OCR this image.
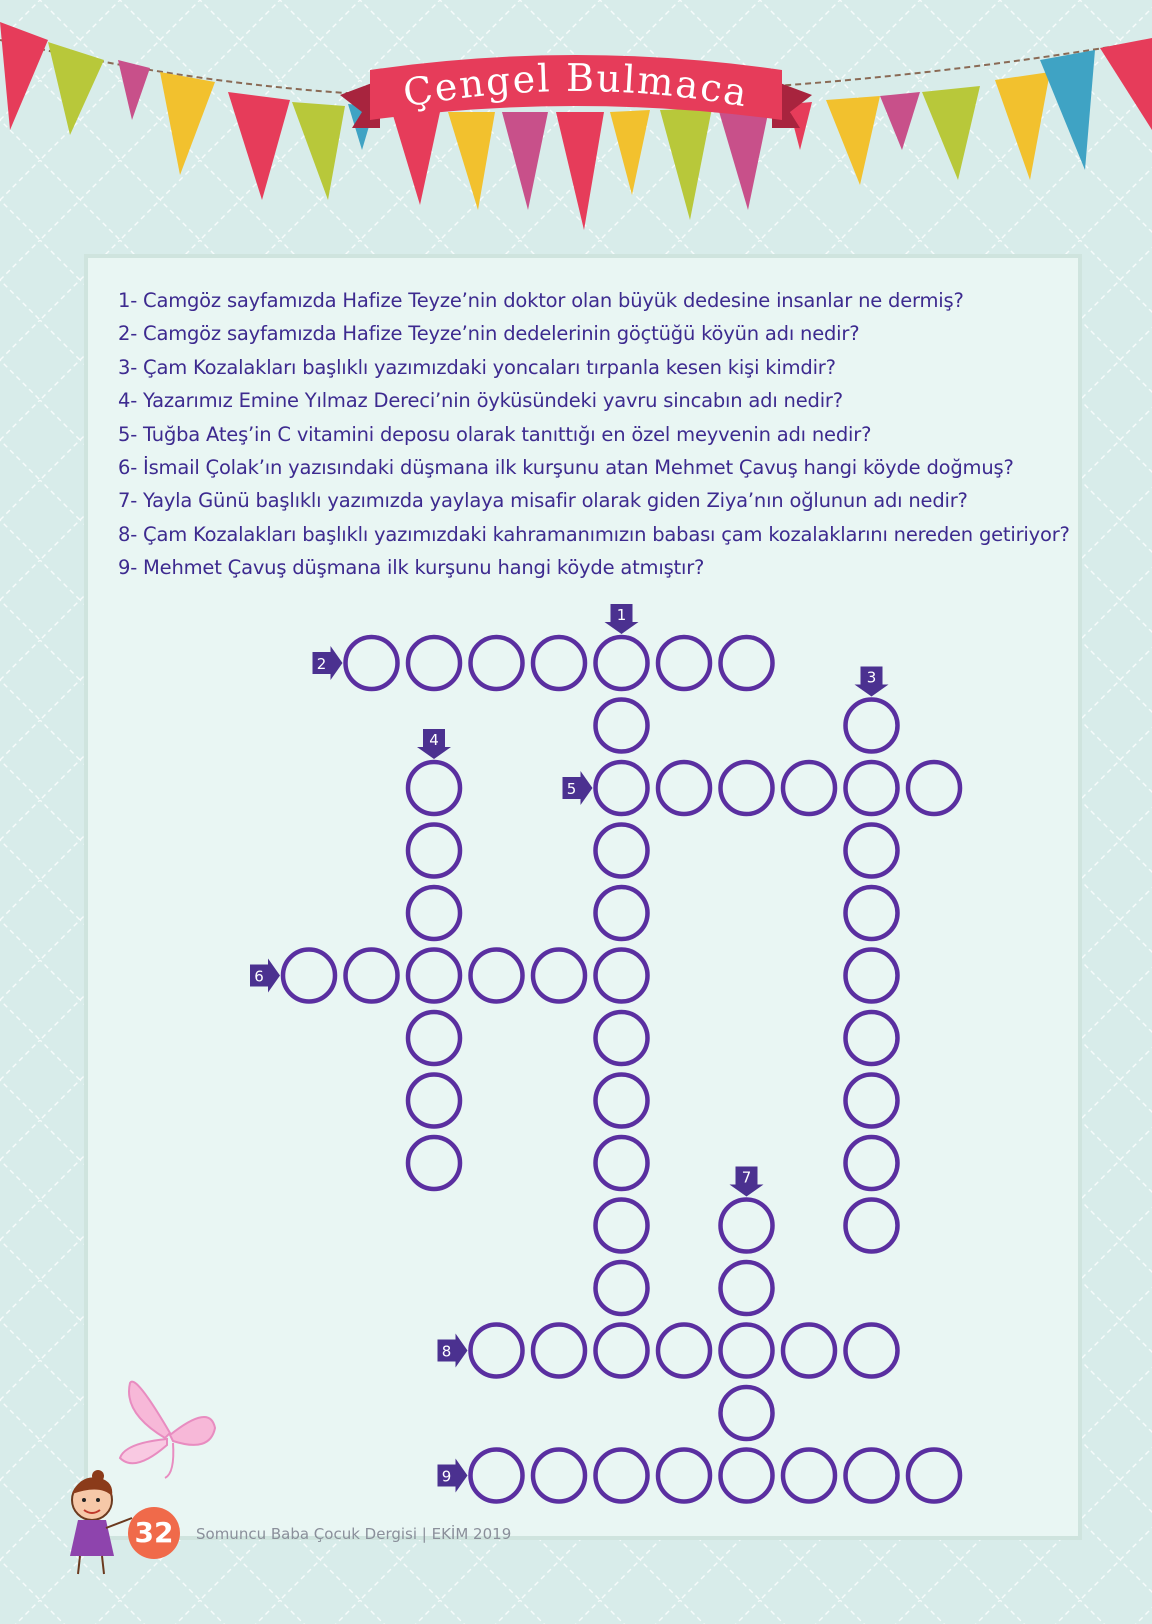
Çengel Bulmaca
1- Camgöz sayfamızda Hafize Teyze’nin doktor olan büyük dedesine insanlar ne dermiş?
2- Camgöz sayfamızda Hafize Teyze’nin dedelerinin göçtüğü köyün adı nedir?
3- Çam Kozalakları başlıklı yazımızdaki yoncaları tırpanla kesen kişi kimdir?
4- Yazarımız Emine Yılmaz Dereci’nin öyküsündeki yavru sincabın adı nedir?
5- Tuğba Ateş’in C vitamini deposu olarak tanıttığı en özel meyvenin adı nedir?
6- İsmail Çolak’ın yazısındaki düşmana ilk kurşunu atan Mehmet Çavuş hangi köyde doğmuş?
7- Yayla Günü başlıklı yazımızda yaylaya misafir olarak giden Ziya’nın oğlunun adı nedir?
8- Çam Kozalakları başlıklı yazımızdaki kahramanımızın babası çam kozalaklarını nereden getiriyor?
9- Mehmet Çavuş düşmana ilk kurşunu hangi köyde atmıştır?
1
2
3
4
5
6
7
8
9
32	Somuncu Baba Çocuk Dergisi | EKİM 2019
